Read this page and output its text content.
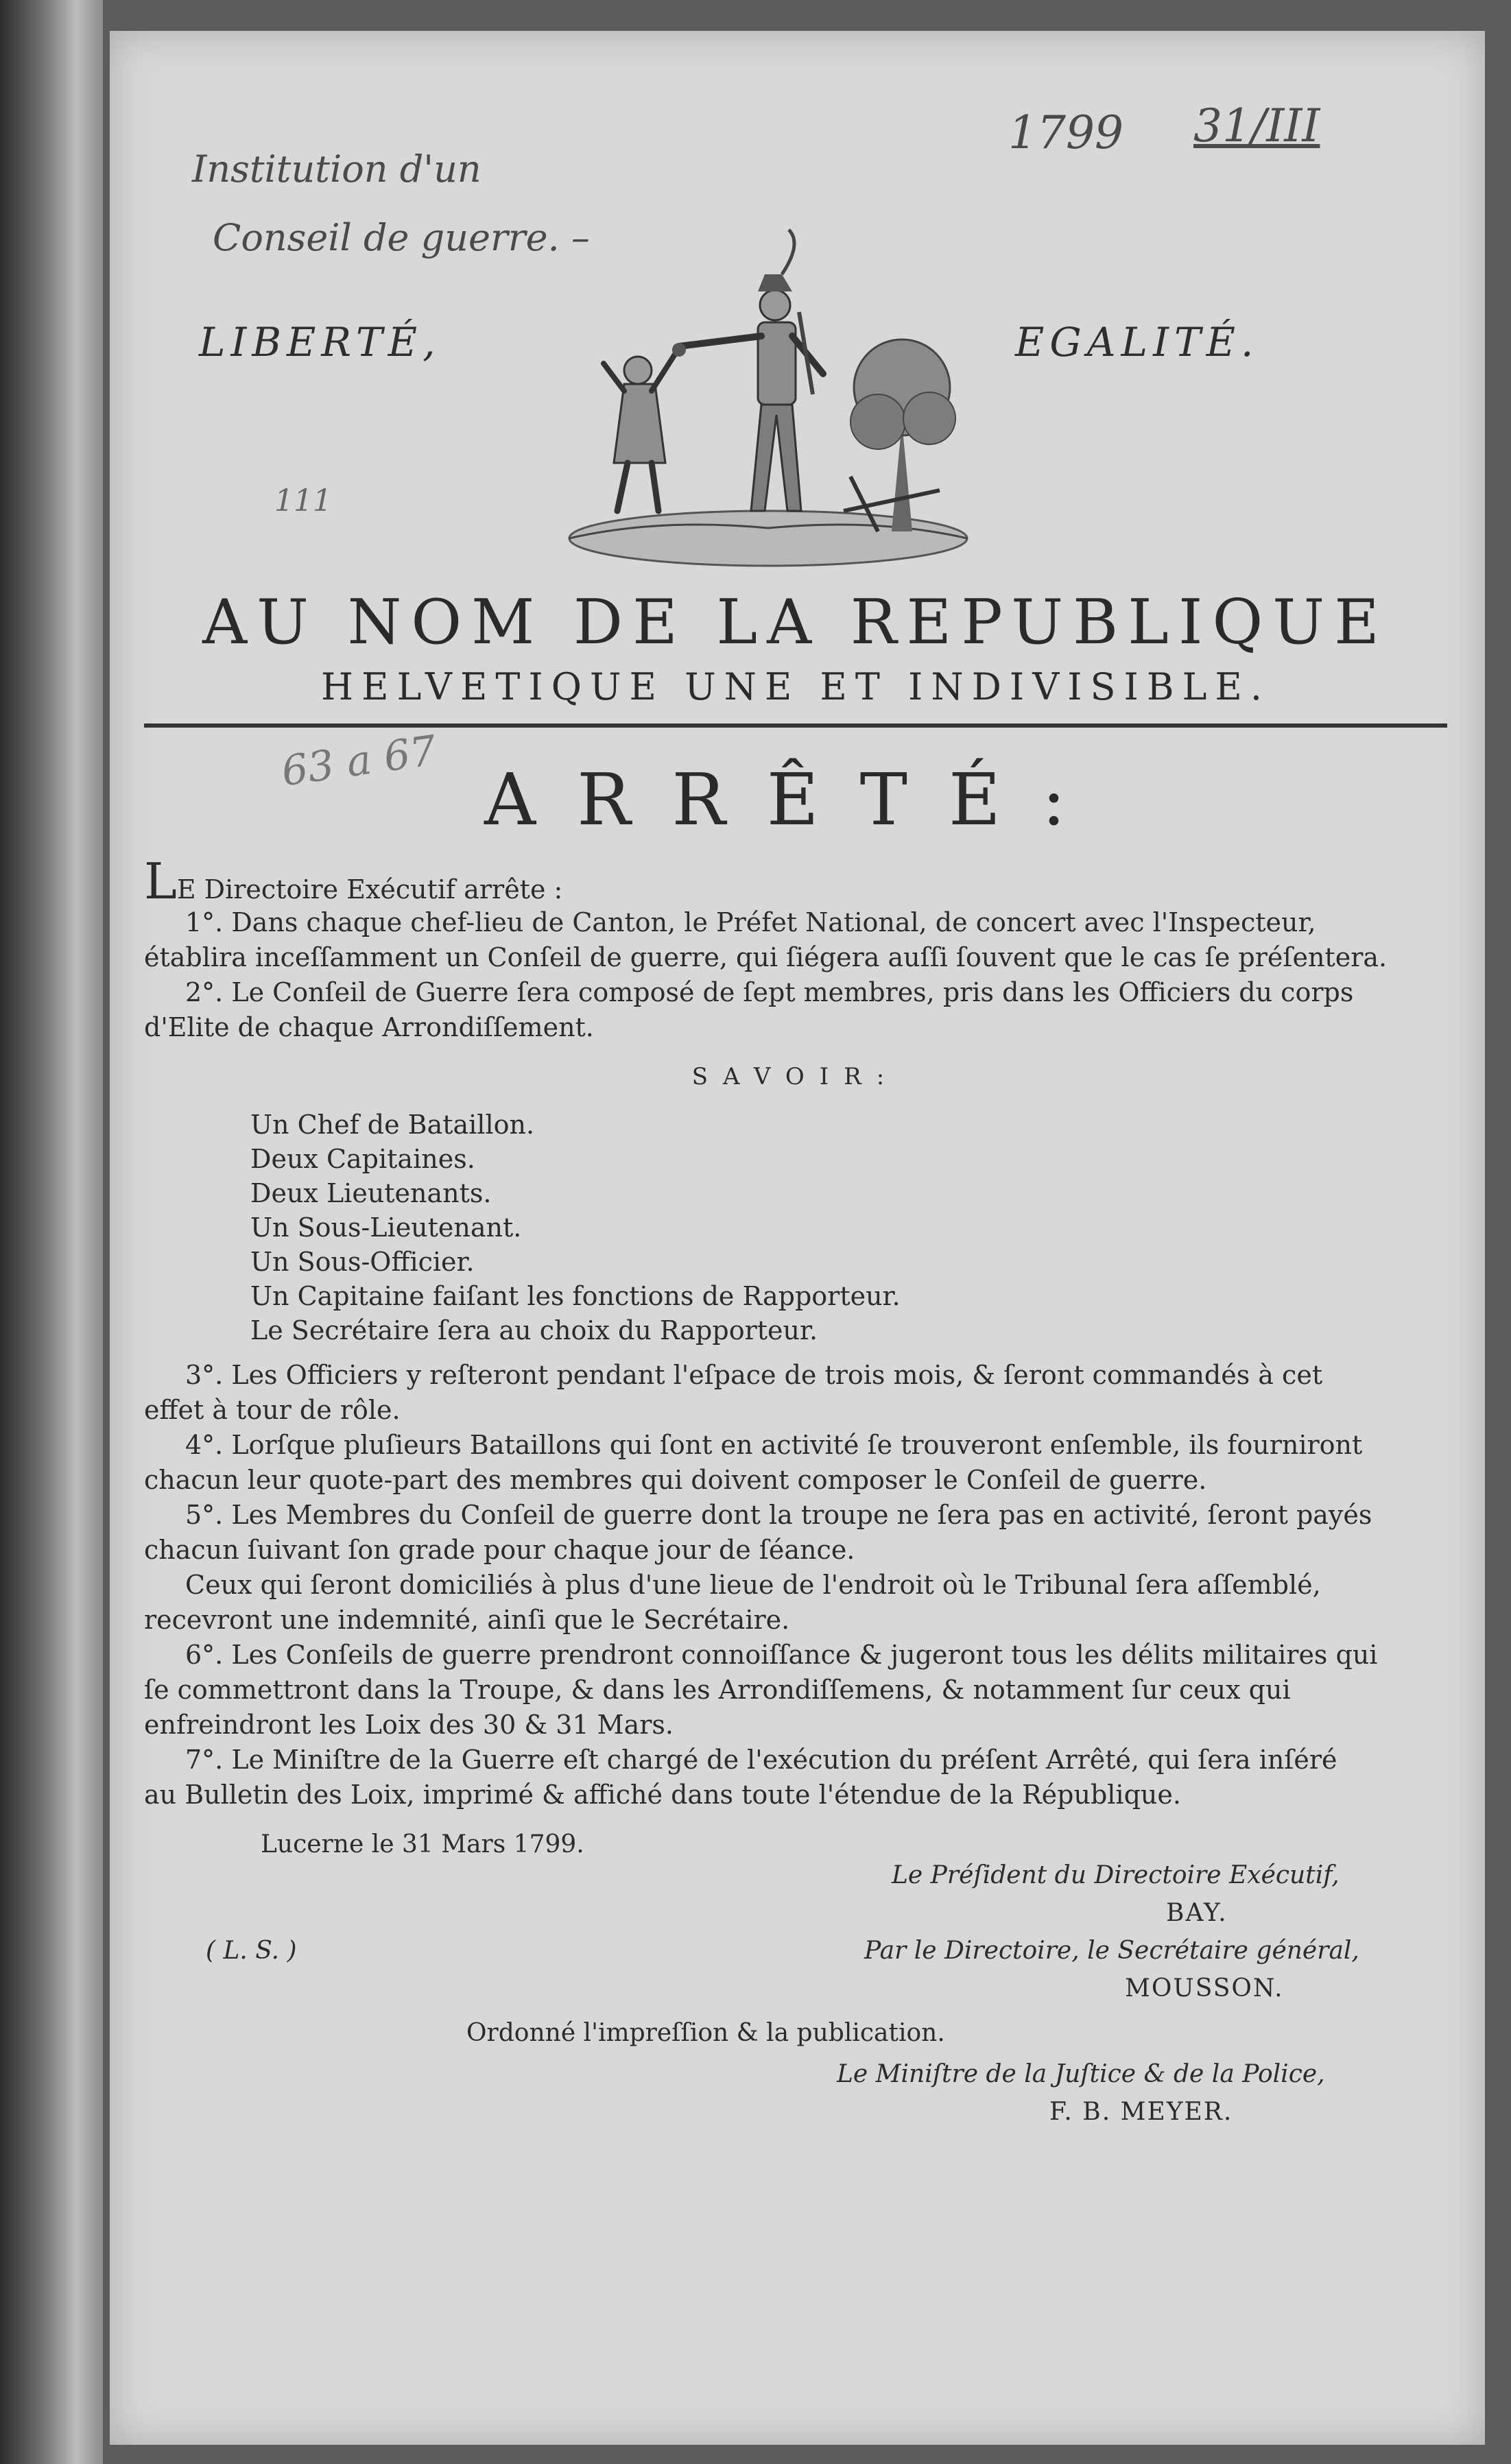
Institution d'un
Conseil de guerre. –
1799 31/III
111
63 a 67
LIBERTÉ,	EGALITÉ.
AU NOM DE LA REPUBLIQUE
HELVETIQUE UNE ET INDIVISIBLE.
ARRÊTÉ:
LE Directoire Exécutif arrête :

1°. Dans chaque chef-lieu de Canton, le Préfet National, de concert avec l'Inspecteur,

établira inceſſamment un Conſeil de guerre, qui ſiégera auſſi ſouvent que le cas ſe préſentera.

2°. Le Conſeil de Guerre ſera composé de ſept membres, pris dans les Officiers du corps

d'Elite de chaque Arrondiſſement.

SAVOIR:
Un Chef de Bataillon.
Deux Capitaines.
Deux Lieutenants.
Un Sous-Lieutenant.
Un Sous-Officier.
Un Capitaine faiſant les fonctions de Rapporteur.
Le Secrétaire ſera au choix du Rapporteur.

3°. Les Officiers y reſteront pendant l'eſpace de trois mois, & ſeront commandés à cet

effet à tour de rôle.

4°. Lorſque pluſieurs Bataillons qui ſont en activité ſe trouveront enſemble, ils fourniront

chacun leur quote-part des membres qui doivent composer le Conſeil de guerre.

5°. Les Membres du Conſeil de guerre dont la troupe ne ſera pas en activité, ſeront payés

chacun ſuivant ſon grade pour chaque jour de ſéance.

Ceux qui ſeront domiciliés à plus d'une lieue de l'endroit où le Tribunal ſera aſſemblé,

recevront une indemnité, ainſi que le Secrétaire.

6°. Les Conſeils de guerre prendront connoiſſance & jugeront tous les délits militaires qui

ſe commettront dans la Troupe, & dans les Arrondiſſemens, & notamment ſur ceux qui

enfreindront les Loix des 30 & 31 Mars.

7°. Le Miniſtre de la Guerre eſt chargé de l'exécution du préſent Arrêté, qui ſera inſéré

au Bulletin des Loix, imprimé & affiché dans toute l'étendue de la République.

Lucerne le 31 Mars 1799.
Le Préſident du Directoire Exécutif,
BAY.
( L. S. )	Par le Directoire, le Secrétaire général,
MOUSSON.
Ordonné l'impreſſion & la publication.
Le Miniſtre de la Juſtice & de la Police,
F. B. MEYER.
